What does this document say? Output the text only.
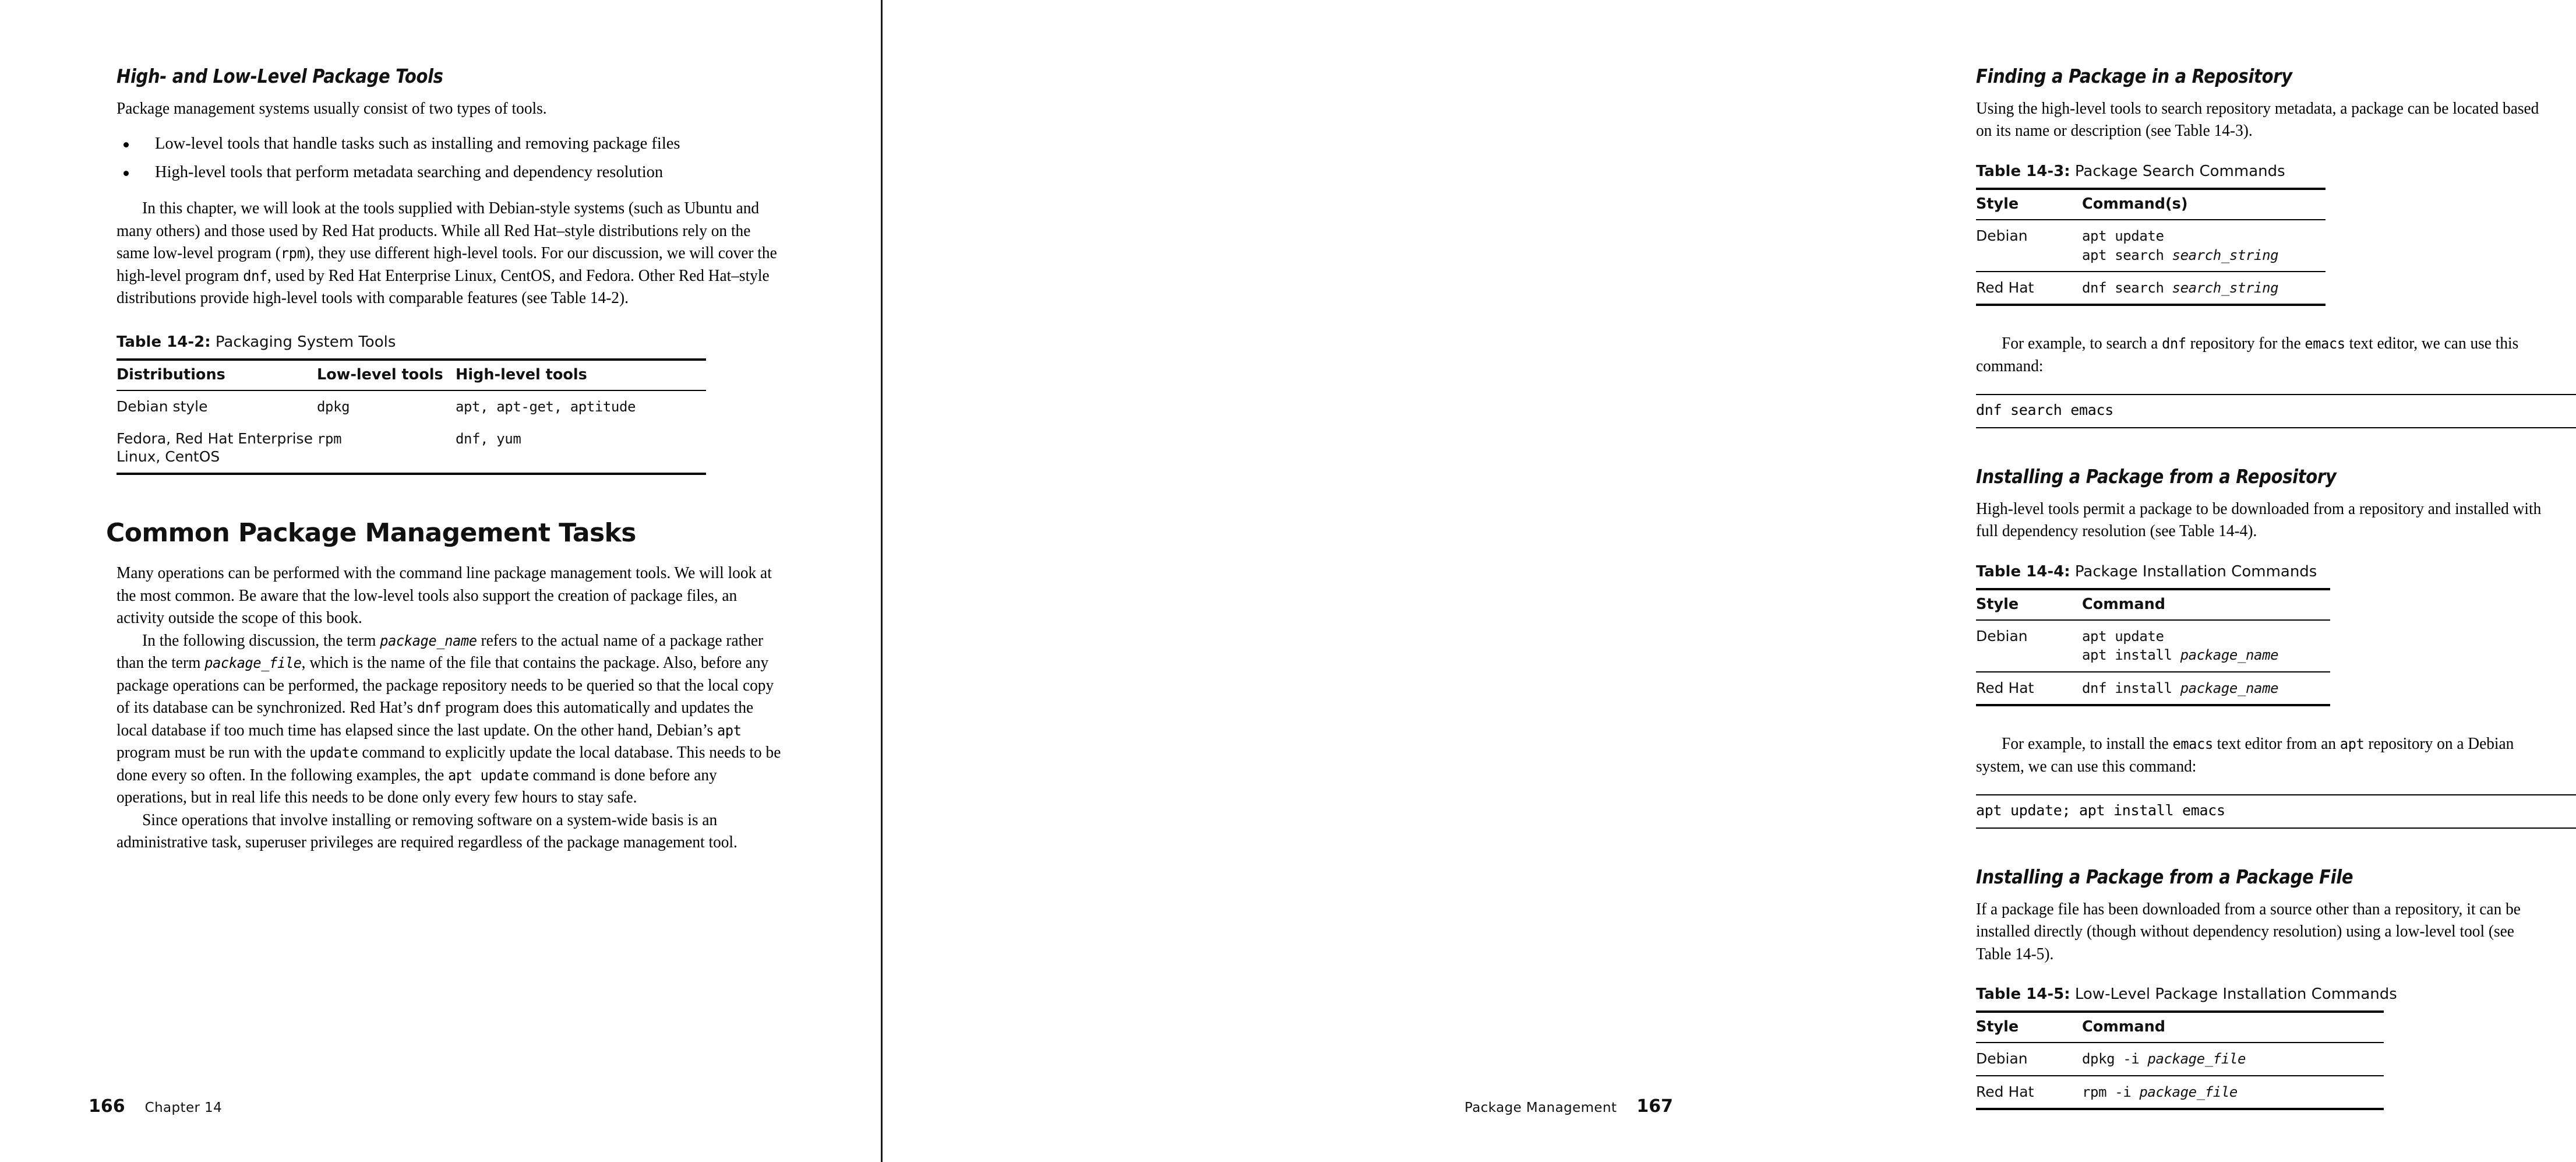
High- and Low-Level Package Tools

Package management systems usually consist of two types of tools.

Low-level tools that handle tasks such as installing and removing package files
High-level tools that perform metadata searching and dependency resolution

In this chapter, we will look at the tools supplied with Debian-style systems (such as Ubuntu and many others) and those used by Red Hat products. While all Red Hat–style distributions rely on the same low-level program (rpm), they use different high-level tools. For our discussion, we will cover the high-level program dnf, used by Red Hat Enterprise Linux, CentOS, and Fedora. Other Red Hat–style distributions provide high-level tools with comparable features (see Table 14-2).

Table 14-2: Packaging System Tools

Distributions	Low-level tools	High-level tools
Debian style	dpkg	apt, apt-get, aptitude
Fedora, Red Hat Enterprise Linux, CentOS	rpm	dnf, yum

Common Package Management Tasks

Many operations can be performed with the command line package management tools. We will look at the most common. Be aware that the low-level tools also support the creation of package files, an activity outside the scope of this book.

In the following discussion, the term package_name refers to the actual name of a package rather than the term package_file, which is the name of the file that contains the package. Also, before any package operations can be performed, the package repository needs to be queried so that the local copy of its database can be synchronized. Red Hat’s dnf program does this automatically and updates the local database if too much time has elapsed since the last update. On the other hand, Debian’s apt program must be run with the update command to explicitly update the local database. This needs to be done every so often. In the following examples, the apt update command is done before any operations, but in real life this needs to be done only every few hours to stay safe.

Since operations that involve installing or removing software on a system-wide basis is an administrative task, superuser privileges are required regardless of the package management tool.

166 Chapter 14
Finding a Package in a Repository

Using the high-level tools to search repository metadata, a package can be located based on its name or description (see Table 14-3).

Table 14-3: Package Search Commands

Style	Command(s)
Debian	apt update
apt search search_string

Red Hat	dnf search search_string

For example, to search a dnf repository for the emacs text editor, we can use this command:

dnf search emacs
Installing a Package from a Repository

High-level tools permit a package to be downloaded from a repository and installed with full dependency resolution (see Table 14-4).

Table 14-4: Package Installation Commands

Style	Command
Debian	apt update
apt install package_name

Red Hat	dnf install package_name

For example, to install the emacs text editor from an apt repository on a Debian system, we can use this command:

apt update; apt install emacs
Installing a Package from a Package File

If a package file has been downloaded from a source other than a repository, it can be installed directly (though without dependency resolution) using a low-level tool (see Table 14-5).

Table 14-5: Low-Level Package Installation Commands

Style	Command
Debian	dpkg -i package_file

Red Hat	rpm -i package_file

Package Management 167
